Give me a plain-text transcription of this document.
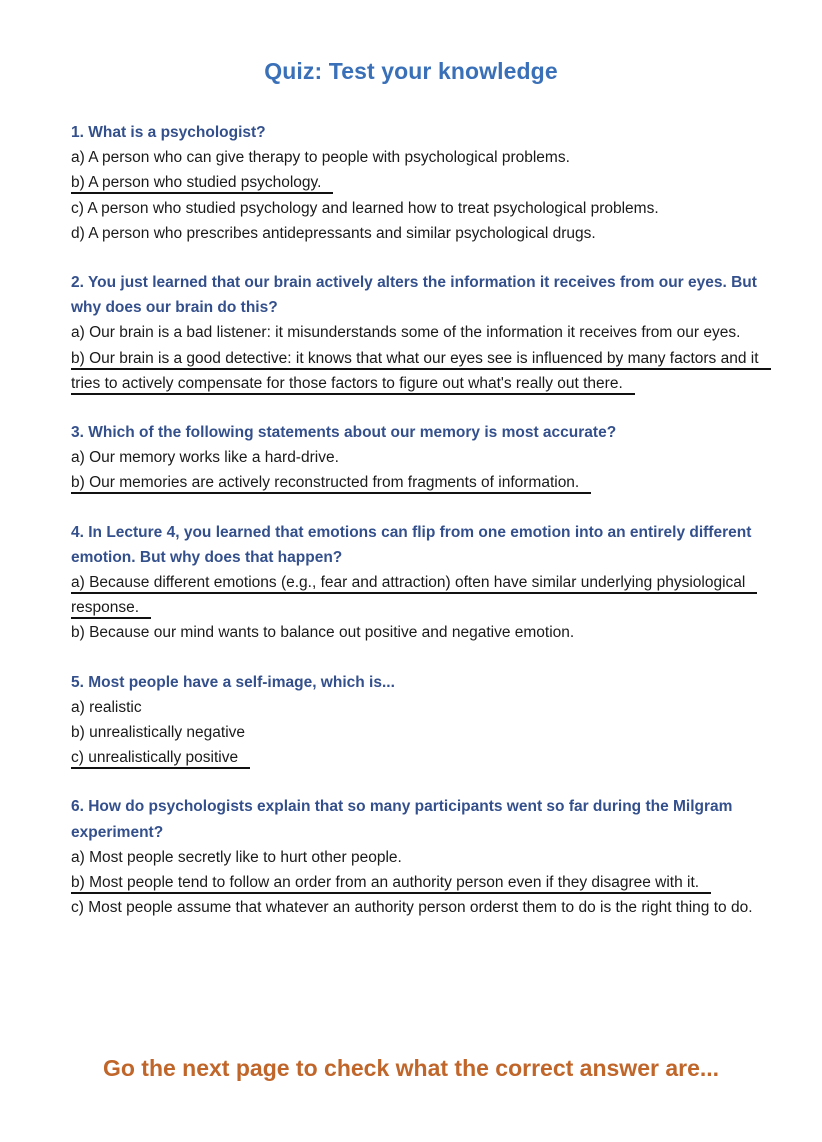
Quiz: Test your knowledge
1. What is a psychologist?
a) A person who can give therapy to people with psychological problems.
b) A person who studied psychology.
c) A person who studied psychology and learned how to treat psychological problems.
d) A person who prescribes antidepressants and similar psychological drugs.
2. You just learned that our brain actively alters the information it receives from our eyes. But why does our brain do this?
a) Our brain is a bad listener: it misunderstands some of the information it receives from our eyes.
b) Our brain is a good detective: it knows that what our eyes see is influenced by many factors and it tries to actively compensate for those factors to figure out what's really out there.
3. Which of the following statements about our memory is most accurate?
a) Our memory works like a hard-drive.
b) Our memories are actively reconstructed from fragments of information.
4. In Lecture 4, you learned that emotions can flip from one emotion into an entirely different emotion. But why does that happen?
a) Because different emotions (e.g., fear and attraction) often have similar underlying physiological response.
b) Because our mind wants to balance out positive and negative emotion.
5. Most people have a self-image, which is...
a) realistic
b) unrealistically negative
c) unrealistically positive
6. How do psychologists explain that so many participants went so far during the Milgram experiment?
a) Most people secretly like to hurt other people.
b) Most people tend to follow an order from an authority person even if they disagree with it.
c) Most people assume that whatever an authority person orderst them to do is the right thing to do.
Go the next page to check what the correct answer are...
